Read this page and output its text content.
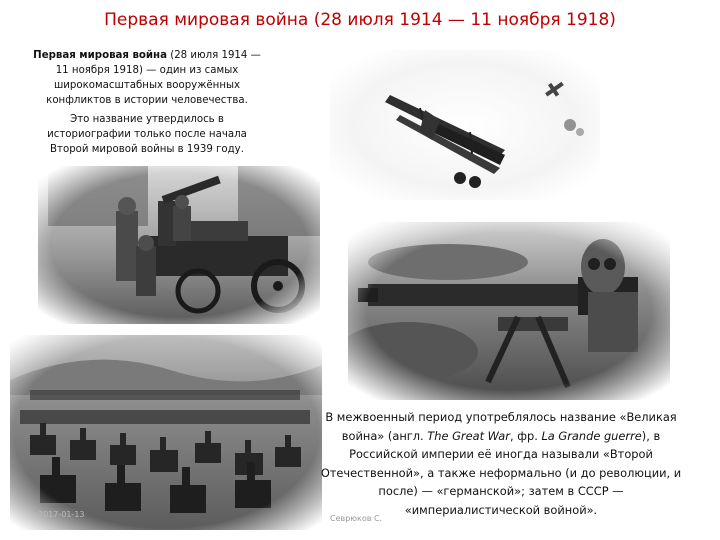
Первая мировая война (28 июля 1914 — 11 ноября 1918)

Первая мировая война (28 июля 1914 — 11 ноября 1918) — один из самых широкомасштабных вооружённых конфликтов в истории человечества.

Это название утвердилось в историографии только после начала Второй мировой войны в 1939 году.

В межвоенный период употреблялось название «Великая война» (англ. The Great War, фр. La Grande guerre), в Российской империи её иногда называли «Второй Отечественной», а также неформально (и до революции, и после) — «германской»; затем в СССР — «империалистической войной».
2017-01-13	Севрюков С.
